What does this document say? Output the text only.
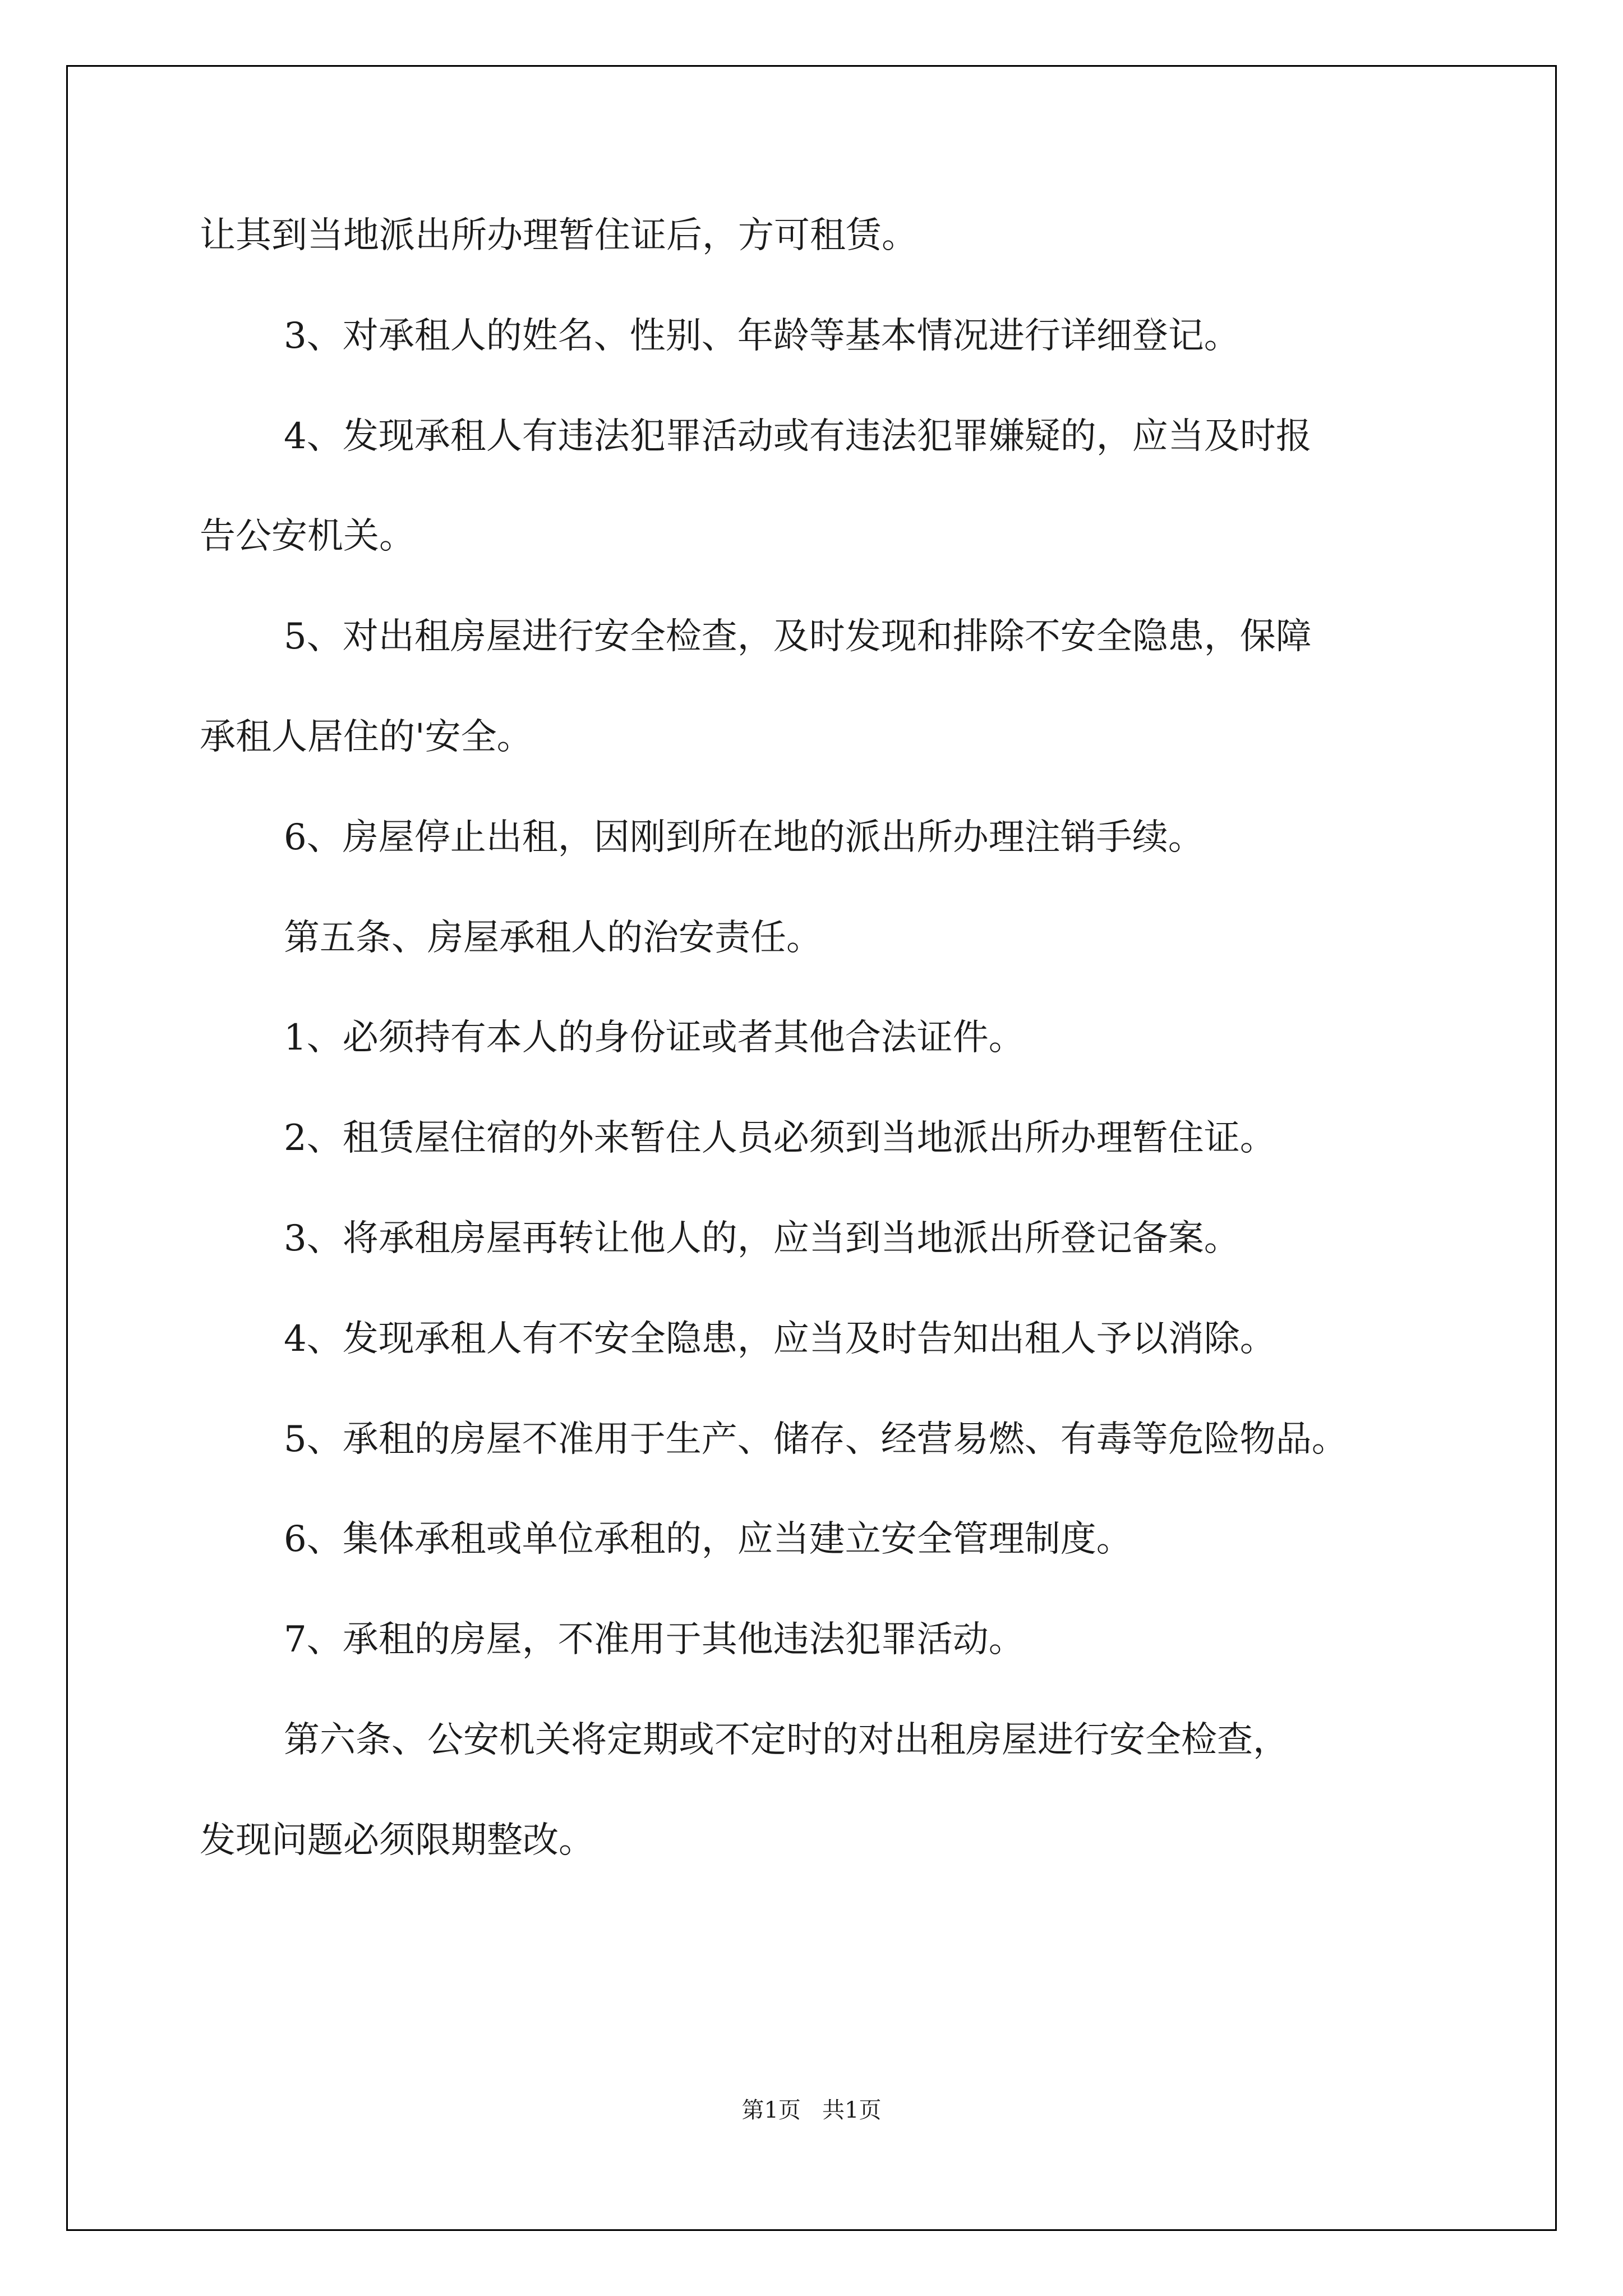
让其到当地派出所办理暂住证后，方可租赁。
3、对承租人的姓名、性别、年龄等基本情况进行详细登记。
4、发现承租人有违法犯罪活动或有违法犯罪嫌疑的，应当及时报
告公安机关。
5、对出租房屋进行安全检查，及时发现和排除不安全隐患，保障
承租人居住的'安全。
6、房屋停止出租，因刚到所在地的派出所办理注销手续。
第五条、房屋承租人的治安责任。
1、必须持有本人的身份证或者其他合法证件。
2、租赁屋住宿的外来暂住人员必须到当地派出所办理暂住证。
3、将承租房屋再转让他人的，应当到当地派出所登记备案。
4、发现承租人有不安全隐患，应当及时告知出租人予以消除。
5、承租的房屋不准用于生产、储存、经营易燃、有毒等危险物品。
6、集体承租或单位承租的，应当建立安全管理制度。
7、承租的房屋，不准用于其他违法犯罪活动。
第六条、公安机关将定期或不定时的对出租房屋进行安全检查，
发现问题必须限期整改。
第1页   共1页
